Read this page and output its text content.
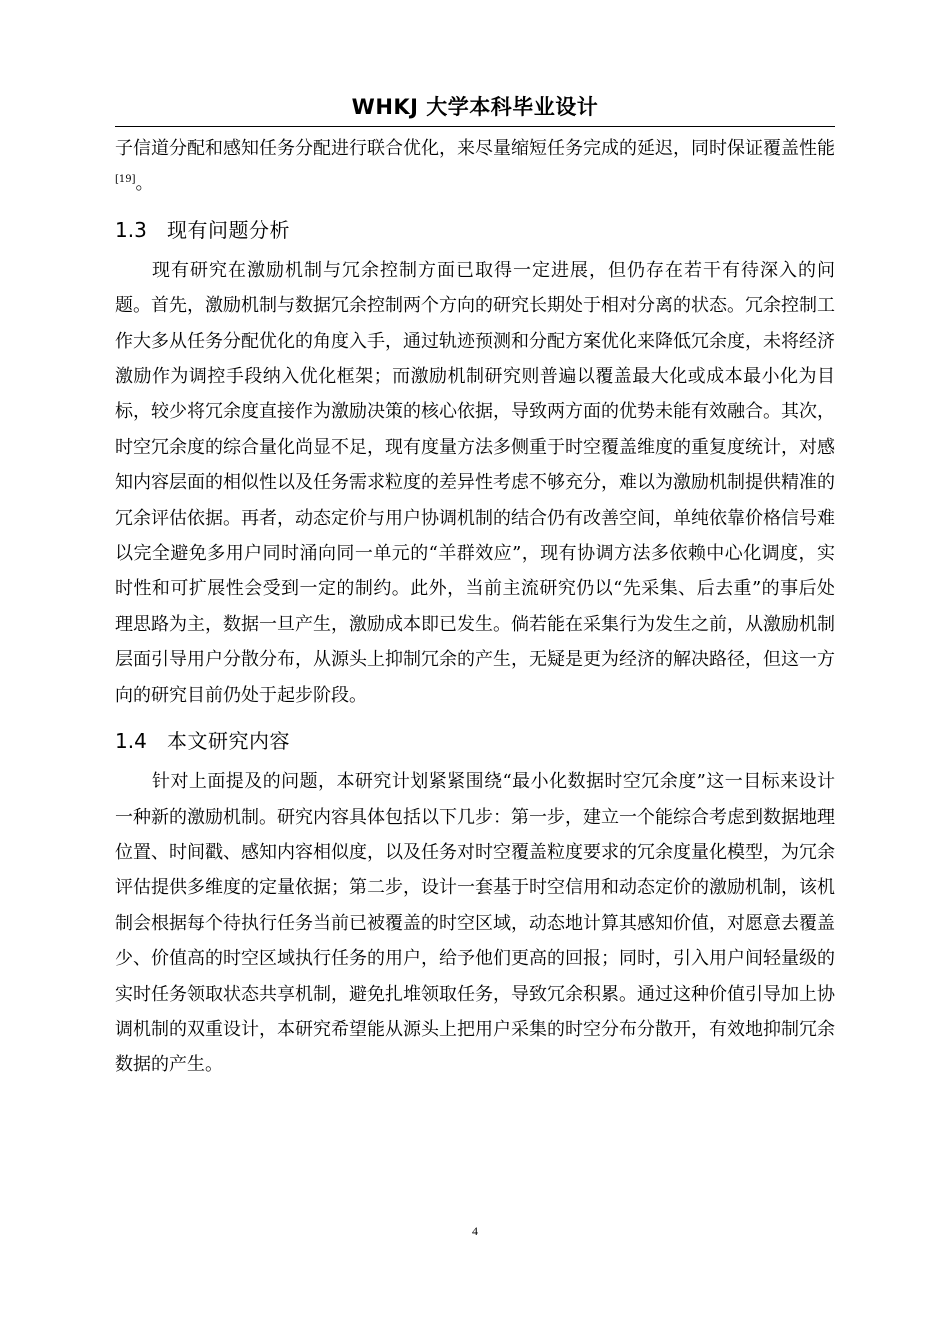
WHKJ 大学本科毕业设计

子信道分配和感知任务分配进行联合优化，来尽量缩短任务完成的延迟，同时保证覆盖性能[19]。

1.3	现有问题分析

现有研究在激励机制与冗余控制方面已取得一定进展，但仍存在若干有待深入的问题。首先，激励机制与数据冗余控制两个方向的研究长期处于相对分离的状态。冗余控制工作大多从任务分配优化的角度入手，通过轨迹预测和分配方案优化来降低冗余度，未将经济激励作为调控手段纳入优化框架；而激励机制研究则普遍以覆盖最大化或成本最小化为目标，较少将冗余度直接作为激励决策的核心依据，导致两方面的优势未能有效融合。其次，时空冗余度的综合量化尚显不足，现有度量方法多侧重于时空覆盖维度的重复度统计，对感知内容层面的相似性以及任务需求粒度的差异性考虑不够充分，难以为激励机制提供精准的冗余评估依据。再者，动态定价与用户协调机制的结合仍有改善空间，单纯依靠价格信号难以完全避免多用户同时涌向同一单元的“羊群效应”，现有协调方法多依赖中心化调度，实时性和可扩展性会受到一定的制约。此外，当前主流研究仍以“先采集、后去重”的事后处理思路为主，数据一旦产生，激励成本即已发生。倘若能在采集行为发生之前，从激励机制层面引导用户分散分布，从源头上抑制冗余的产生，无疑是更为经济的解决路径，但这一方向的研究目前仍处于起步阶段。

1.4	本文研究内容

针对上面提及的问题，本研究计划紧紧围绕“最小化数据时空冗余度”这一目标来设计一种新的激励机制。研究内容具体包括以下几步：第一步，建立一个能综合考虑到数据地理位置、时间戳、感知内容相似度，以及任务对时空覆盖粒度要求的冗余度量化模型，为冗余评估提供多维度的定量依据；第二步，设计一套基于时空信用和动态定价的激励机制，该机制会根据每个待执行任务当前已被覆盖的时空区域，动态地计算其感知价值，对愿意去覆盖少、价值高的时空区域执行任务的用户，给予他们更高的回报；同时，引入用户间轻量级的实时任务领取状态共享机制，避免扎堆领取任务，导致冗余积累。通过这种价值引导加上协调机制的双重设计，本研究希望能从源头上把用户采集的时空分布分散开，有效地抑制冗余数据的产生。

4
